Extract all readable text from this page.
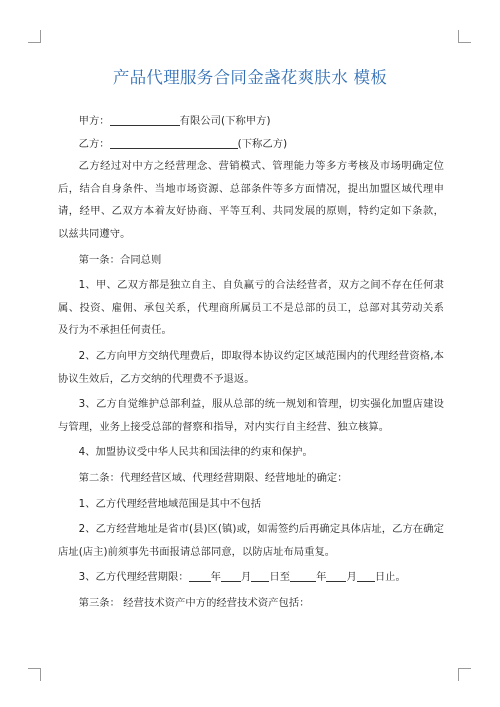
产品代理服务合同金盏花爽肤水 模板

甲方：	有限公司(下称甲方)

乙方：	(下称乙方)

乙方经过对中方之经营理念、营销模式、管理能力等多方考核及市场明确定位 后，结合自身条件、当地市场资源、总部条件等多方面情况，提出加盟区域代理申 请，经甲、乙双方本着友好协商、平等互利、共同发展的原则，特约定如下条款， 以兹共同遵守。

第一条：合同总则

1、甲、乙双方都是独立自主、自负赢亏的合法经营者，双方之间不存在任何隶属、投资、雇佣、承包关系，代理商所属员工不是总部的员工，总部对其劳动关系 及行为不承担任何责任。

2、乙方向甲方交纳代理费后，即取得本协议约定区域范围内的代理经营资格,本协议生效后，乙方交纳的代理费不予退返。

3、乙方自觉维护总部利益，服从总部的统一规划和管理，切实强化加盟店建设与管理，业务上接受总部的督察和指导，对内实行自主经营、独立核算。

4、加盟协议受中华人民共和国法律的约束和保护。

第二条：代理经营区域、代理经营期限、经营地址的确定：

1、乙方代理经营地域范围是其中不包括

2、乙方经营地址是省市(县)区(镇)或，如需签约后再确定具体店址，乙方在确定店址(店主)前须事先书面报请总部同意，以防店址布局重复。

3、乙方代理经营期限： 年 月 日至	年 月 日止。

第三条： 经营技术资产中方的经营技术资产包括：
